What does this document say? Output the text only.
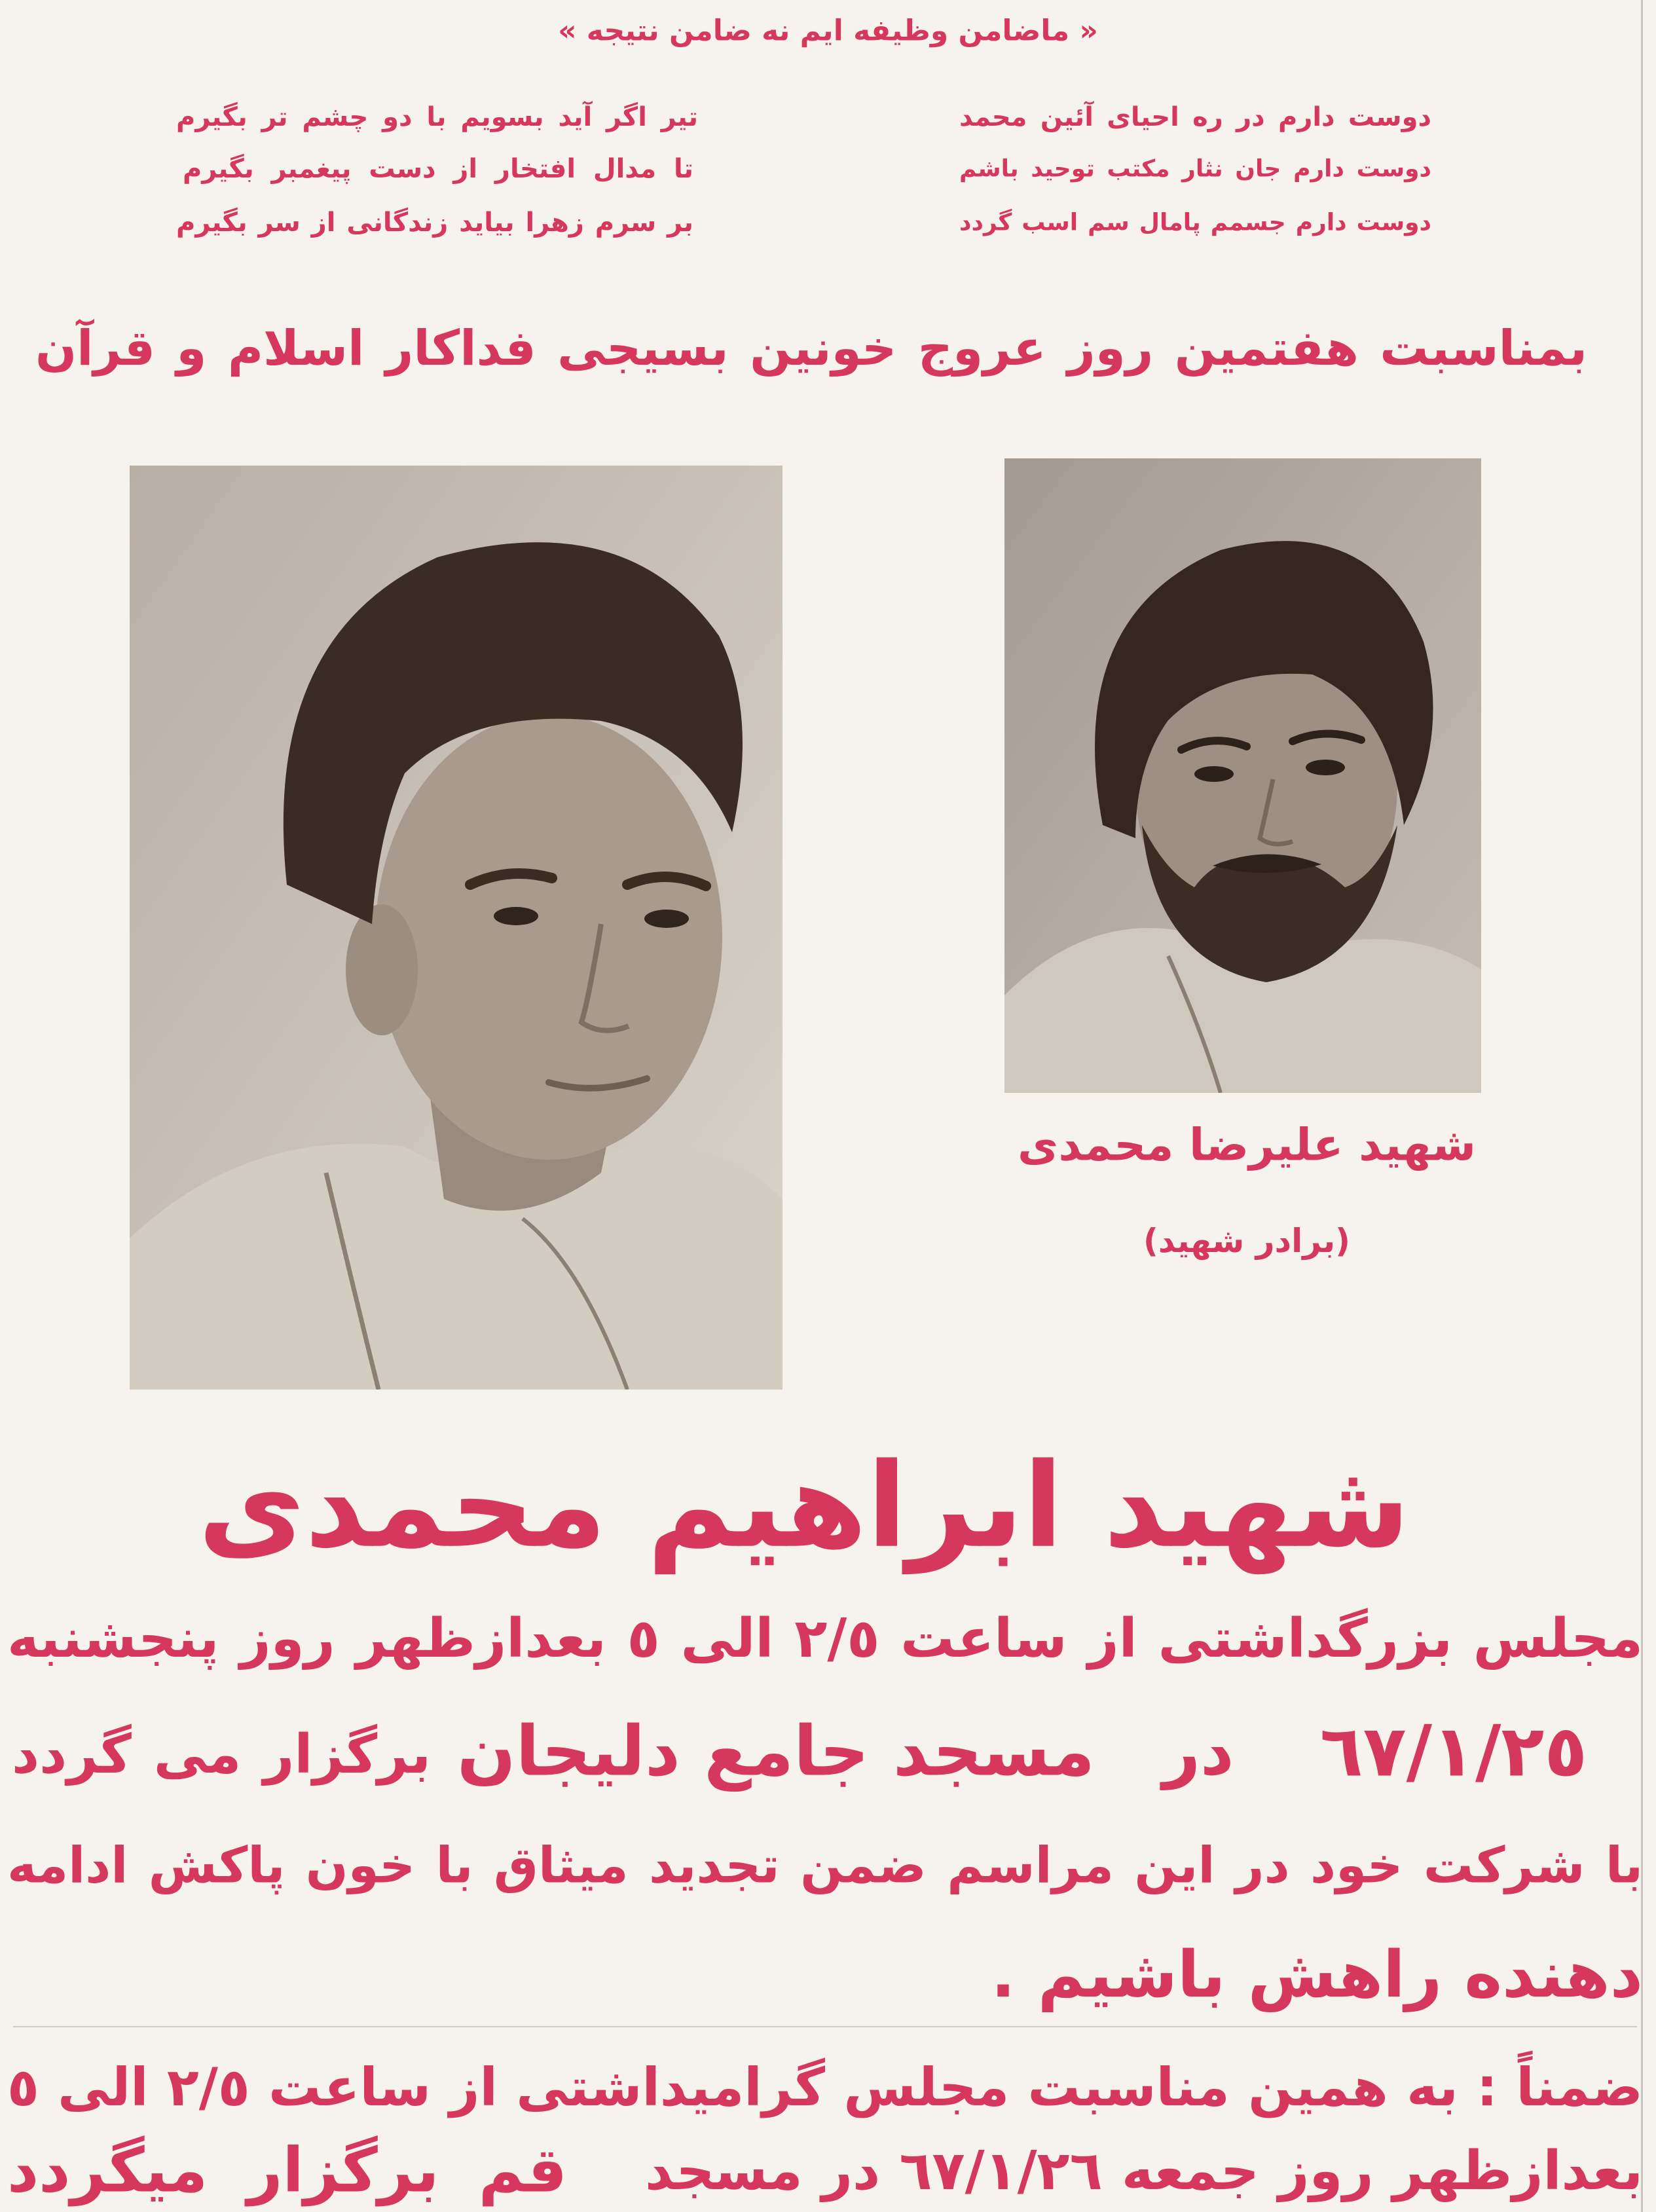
« ماضامن وظیفه ایم نه ضامن نتیجه »
دوست دارم در ره احیای آئین محمد
دوست دارم جان نثار مکتب توحید باشم
دوست دارم جسمم پامال سم اسب گردد
تیر اگر آید بسویم با دو چشم تر بگیرم
تا مدال افتخار از دست پیغمبر بگیرم
بر سرم زهرا بیاید زندگانی از سر بگیرم
بمناسبت هفتمین روز عروج خونین بسیجی فداکار اسلام و قرآن
شهید علیرضا محمدی
(برادر شهید)
شهید ابراهیم محمدی
مجلس بزرگداشتی از ساعت ٢/٥ الی ٥ بعدازظهر روز پنجشنبه
٦٧/١/٢٥
در
مسجد جامع دلیجان
برگزار می گردد
با شرکت خود در این مراسم ضمن تجدید میثاق با خون پاکش ادامه
دهنده راهش باشیم .
ضمناً : به همین مناسبت مجلس گرامیداشتی از ساعت ٢/٥ الی ٥
بعدازظهر روز جمعه ٦٧/١/٢٦ در مسجد
قم برگزار میگردد
